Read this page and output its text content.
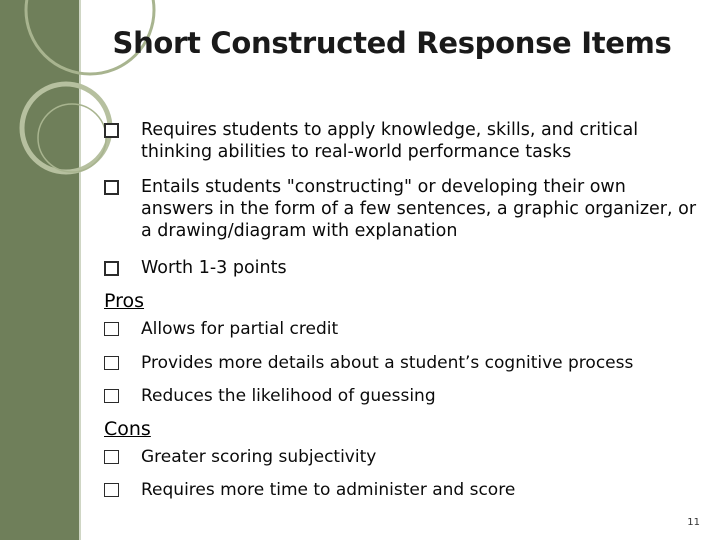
Short Constructed Response Items
Requires students to apply knowledge, skills, and critical thinking abilities to real-world performance tasks
Entails students "constructing" or developing their own answers in the form of a few sentences, a graphic organizer, or a drawing/diagram with explanation
Worth 1-3 points
Pros
Allows for partial credit
Provides more details about a student’s cognitive process
Reduces the likelihood of guessing
Cons
Greater scoring subjectivity
Requires more time to administer and score
11
